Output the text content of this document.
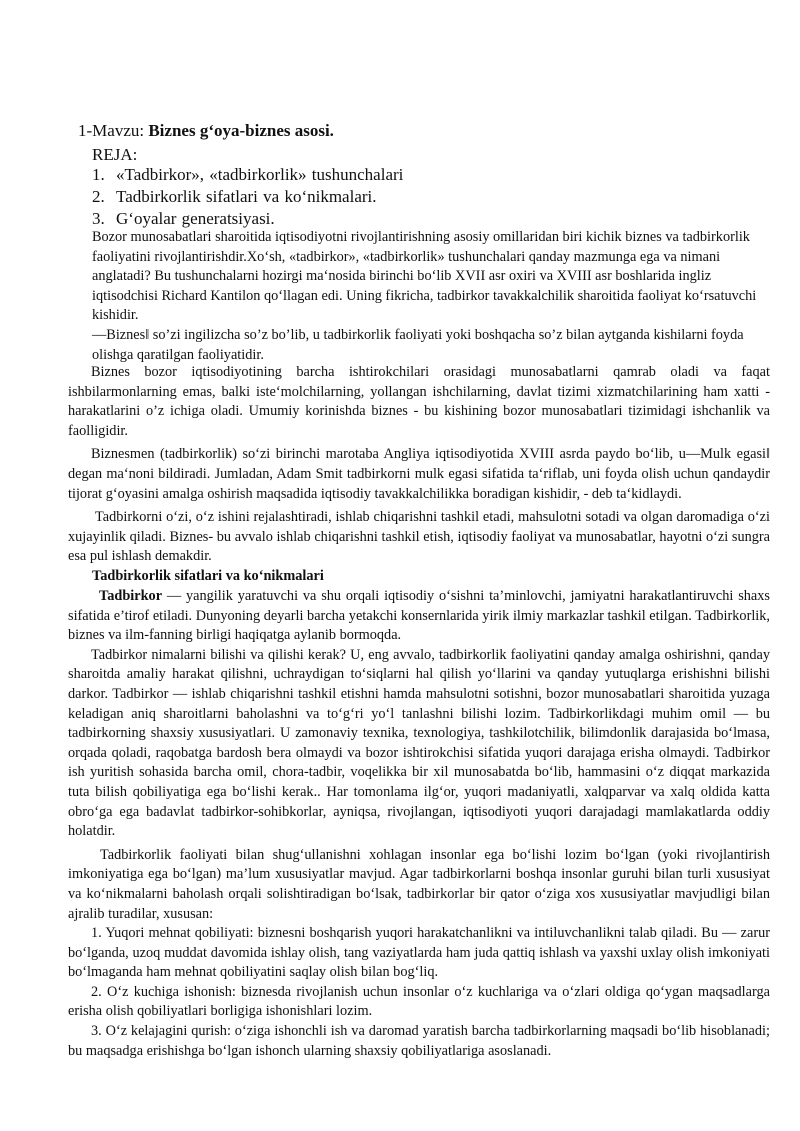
1-Mavzu: Biznes g‘oya-biznes asosi.
REJA:
1. «Tadbirkor», «tadbirkorlik» tushunchalari
2. Tadbirkorlik sifatlari va ko‘nikmalari.
3. G‘oyalar generatsiyasi.

Bozor munosabatlari sharoitida iqtisodiyotni rivojlantirishning asosiy omillaridan biri kichik biznes va tadbirkorlik faoliyatini rivojlantirishdir.Xo‘sh, «tadbirkor», «tadbirkorlik» tushunchalari qanday mazmunga ega va nimani anglatadi? Bu tushunchalarni hozirgi ma‘nosida birinchi bo‘lib XVII asr oxiri va XVIII asr boshlarida ingliz iqtisodchisi Richard Kantilon qo‘llagan edi. Uning fikricha, tadbirkor tavakkalchilik sharoitida faoliyat ko‘rsatuvchi kishidir.

―Biznes‖ so’zi ingilizcha so’z bo’lib, u tadbirkorlik faoliyati yoki boshqacha so’z bilan aytganda kishilarni foyda olishga qaratilgan faoliyatidir.

Biznes bozor iqtisodiyotining barcha ishtirokchilari orasidagi munosabatlarni qamrab oladi va faqat ishbilarmonlarning emas, balki iste‘molchilarning, yollangan ishchilarning, davlat tizimi xizmatchilarining ham xatti -harakatlarini o’z ichiga oladi. Umumiy korinishda biznes - bu kishining bozor munosabatlari tizimidagi ishchanlik va faolligidir.

Biznesmen (tadbirkorlik) so‘zi birinchi marotaba Angliya iqtisodiyotida XVIII asrda paydo bo‘lib, u―Mulk egasi‖ degan ma‘noni bildiradi. Jumladan, Adam Smit tadbirkorni mulk egasi sifatida ta‘riflab, uni foyda olish uchun qandaydir tijorat g‘oyasini amalga oshirish maqsadida iqtisodiy tavakkalchilikka boradigan kishidir, - deb ta‘kidlaydi.

Tadbirkorni o‘zi, o‘z ishini rejalashtiradi, ishlab chiqarishni tashkil etadi, mahsulotni sotadi va olgan daromadiga o‘zi xujayinlik qiladi. Biznes- bu avvalo ishlab chiqarishni tashkil etish, iqtisodiy faoliyat va munosabatlar, hayotni o‘zi sungra esa pul ishlash demakdir.

Tadbirkorlik sifatlari va ko‘nikmalari

Tadbirkor — yangilik yaratuvchi va shu orqali iqtisodiy o‘sishni ta’minlovchi, jamiyatni harakatlantiruvchi shaxs sifatida e’tirof etiladi. Dunyoning deyarli barcha yetakchi konsernlarida yirik ilmiy markazlar tashkil etilgan. Tadbirkorlik, biznes va ilm-fanning birligi haqiqatga aylanib bormoqda.

Tadbirkor nimalarni bilishi va qilishi kerak? U, eng avvalo, tadbirkorlik faoliyatini qanday amalga oshirishni, qanday sharoitda amaliy harakat qilishni, uchraydigan to‘siqlarni hal qilish yo‘llarini va qanday yutuqlarga erishishni bilishi darkor. Tadbirkor — ishlab chiqarishni tashkil etishni hamda mahsulotni sotishni, bozor munosabatlari sharoitida yuzaga keladigan aniq sharoitlarni baholashni va to‘g‘ri yo‘l tanlashni bilishi lozim. Tadbirkorlikdagi muhim omil — bu tadbirkorning shaxsiy xususiyatlari. U zamonaviy texnika, texnologiya, tashkilotchilik, bilimdonlik darajasida bo‘lmasa, orqada qoladi, raqobatga bardosh bera olmaydi va bozor ishtirokchisi sifatida yuqori darajaga erisha olmaydi. Tadbirkor ish yuritish sohasida barcha omil, chora-tadbir, voqelikka bir xil munosabatda bo‘lib, hammasini o‘z diqqat markazida tuta bilish qobiliyatiga ega bo‘lishi kerak.. Har tomonlama ilg‘or, yuqori madaniyatli, xalqparvar va xalq oldida katta obro‘ga ega badavlat tadbirkor-sohibkorlar, ayniqsa, rivojlangan, iqtisodiyoti yuqori darajadagi mamlakatlarda oddiy holatdir.

Tadbirkorlik faoliyati bilan shug‘ullanishni xohlagan insonlar ega bo‘lishi lozim bo‘lgan (yoki rivojlantirish imkoniyatiga ega bo‘lgan) ma’lum xususiyatlar mavjud. Agar tadbirkorlarni boshqa insonlar guruhi bilan turli xususiyat va ko‘nikmalarni baholash orqali solishtiradigan bo‘lsak, tadbirkorlar bir qator o‘ziga xos xususiyatlar mavjudligi bilan ajralib turadilar, xususan:

1. Yuqori mehnat qobiliyati: biznesni boshqarish yuqori harakatchanlikni va intiluvchanlikni talab qiladi. Bu — zarur bo‘lganda, uzoq muddat davomida ishlay olish, tang vaziyatlarda ham juda qattiq ishlash va yaxshi uxlay olish imkoniyati bo‘lmaganda ham mehnat qobiliyatini saqlay olish bilan bog‘liq.

2. O‘z kuchiga ishonish: biznesda rivojlanish uchun insonlar o‘z kuchlariga va o‘zlari oldiga qo‘ygan maqsadlarga erisha olish qobiliyatlari borligiga ishonishlari lozim.

3. O‘z kelajagini qurish: o‘ziga ishonchli ish va daromad yaratish barcha tadbirkorlarning maqsadi bo‘lib hisoblanadi; bu maqsadga erishishga bo‘lgan ishonch ularning shaxsiy qobiliyatlariga asoslanadi.
